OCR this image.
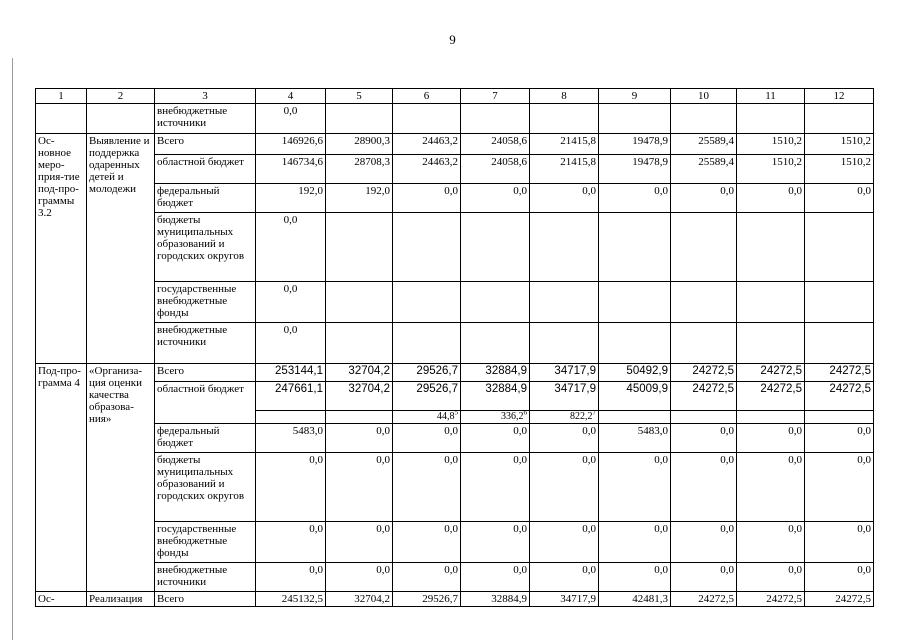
9
1	2	3	4	5	6	7	8	9	10	11	12
		внебюджетные источники	0,0								
Ос-новное меро-прия-тие под-про-граммы 3.2	Выявление и поддержка одаренных детей и молодежи	Всего	146926,6	28900,3	24463,2	24058,6	21415,8	19478,9	25589,4	1510,2	1510,2
		областной бюджет	146734,6	28708,3	24463,2	24058,6	21415,8	19478,9	25589,4	1510,2	1510,2
		федеральный бюджет	192,0	192,0	0,0	0,0	0,0	0,0	0,0	0,0	0,0
		бюджеты муниципальных образований и городских округов	0,0								
		государственные внебюджетные фонды	0,0								
		внебюджетные источники	0,0								
Под-про-грамма 4	«Организа-ция оценки качества образова-ния»	Всего	253144,1	32704,2	29526,7	32884,9	34717,9	50492,9	24272,5	24272,5	24272,5
		областной бюджет	247661,1	32704,2	29526,7	32884,9	34717,9	45009,9	24272,5	24272,5	24272,5
					44,8$^5$	336,2$^6$	822,2$^7$				
		федеральный бюджет	5483,0	0,0	0,0	0,0	0,0	5483,0	0,0	0,0	0,0
		бюджеты муниципальных образований и городских округов	0,0	0,0	0,0	0,0	0,0	0,0	0,0	0,0	0,0
		государственные внебюджетные фонды	0,0	0,0	0,0	0,0	0,0	0,0	0,0	0,0	0,0
		внебюджетные источники	0,0	0,0	0,0	0,0	0,0	0,0	0,0	0,0	0,0
Ос-	Реализация	Всего	245132,5	32704,2	29526,7	32884,9	34717,9	42481,3	24272,5	24272,5	24272,5
